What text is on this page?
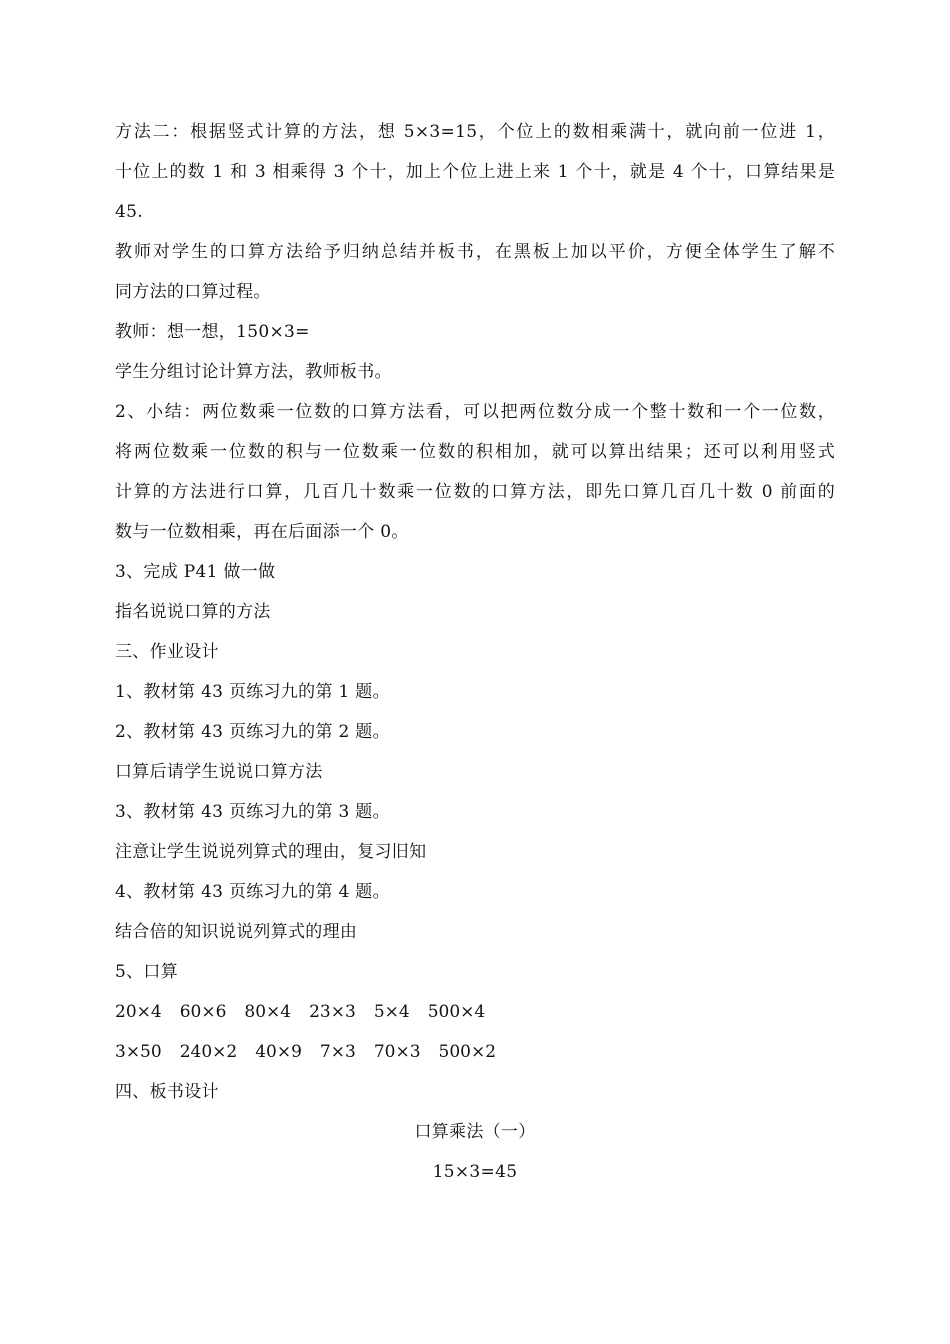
方法二：根据竖式计算的方法，想 5×3=15，个位上的数相乘满十，就向前一位进 1，
十位上的数 1 和 3 相乘得 3 个十，加上个位上进上来 1 个十，就是 4 个十，口算结果是
45.
教师对学生的口算方法给予归纳总结并板书，在黑板上加以平价，方便全体学生了解不
同方法的口算过程。
教师：想一想，150×3=
学生分组讨论计算方法，教师板书。
2、小结：两位数乘一位数的口算方法看，可以把两位数分成一个整十数和一个一位数，
将两位数乘一位数的积与一位数乘一位数的积相加，就可以算出结果；还可以利用竖式
计算的方法进行口算，几百几十数乘一位数的口算方法，即先口算几百几十数 0 前面的
数与一位数相乘，再在后面添一个 0。
3、完成 P41 做一做
指名说说口算的方法
三、作业设计
1、教材第 43 页练习九的第 1 题。
2、教材第 43 页练习九的第 2 题。
口算后请学生说说口算方法
3、教材第 43 页练习九的第 3 题。
注意让学生说说列算式的理由，复习旧知
4、教材第 43 页练习九的第 4 题。
结合倍的知识说说列算式的理由
5、口算
20×4 60×6 80×4 23×3 5×4 500×4
3×50 240×2 40×9 7×3 70×3 500×2
四、板书设计
口算乘法（一）
15×3=45
